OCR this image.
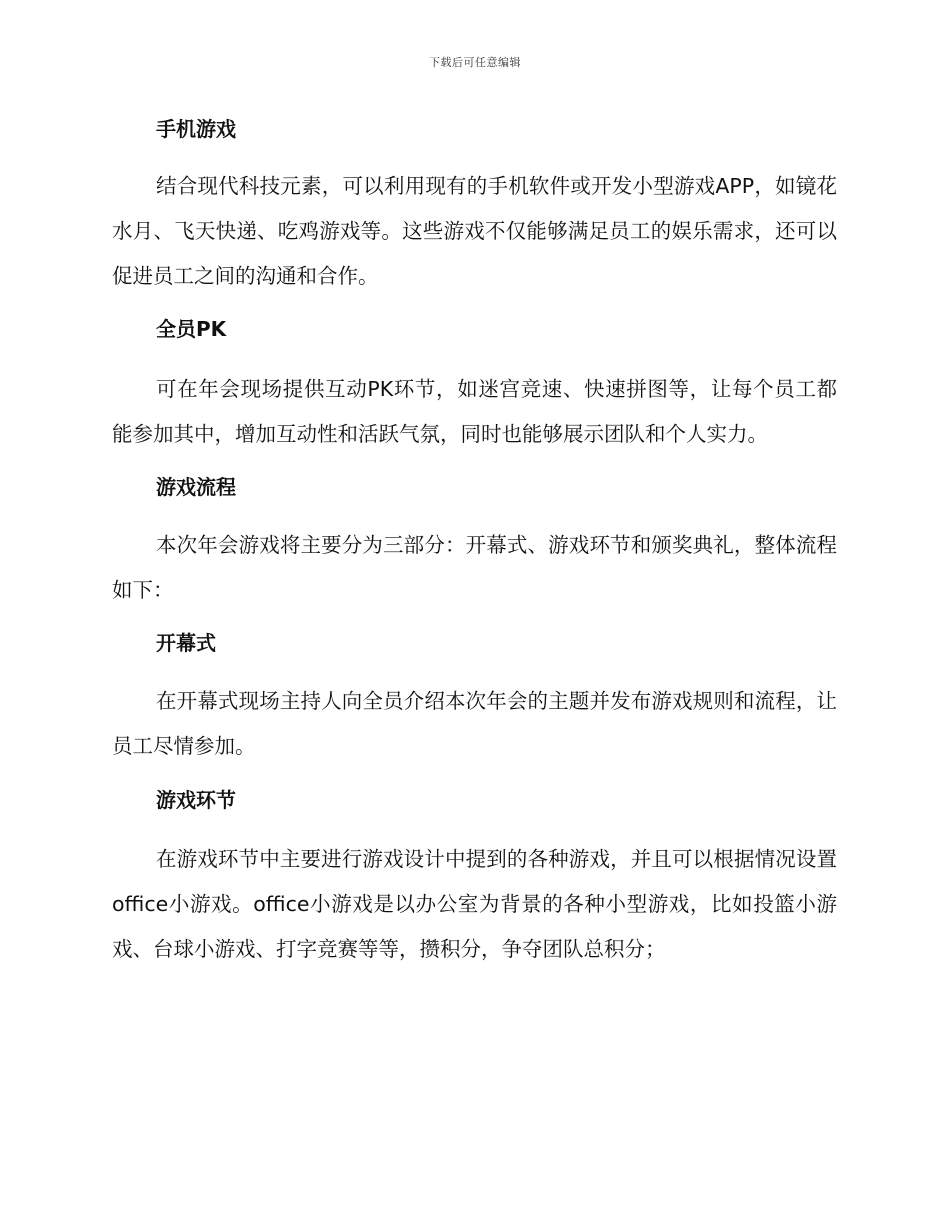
下载后可任意编辑

手机游戏

结合现代科技元素，可以利用现有的手机软件或开发小型游戏APP，如镜花水月、飞天快递、吃鸡游戏等。这些游戏不仅能够满足员工的娱乐需求，还可以促进员工之间的沟通和合作。

全员PK

可在年会现场提供互动PK环节，如迷宫竞速、快速拼图等，让每个员工都能参加其中，增加互动性和活跃气氛，同时也能够展示团队和个人实力。

游戏流程

本次年会游戏将主要分为三部分：开幕式、游戏环节和颁奖典礼，整体流程如下：

开幕式

在开幕式现场主持人向全员介绍本次年会的主题并发布游戏规则和流程，让员工尽情参加。

游戏环节

在游戏环节中主要进行游戏设计中提到的各种游戏，并且可以根据情况设置office小游戏。office小游戏是以办公室为背景的各种小型游戏，比如投篮小游戏、台球小游戏、打字竞赛等等，攒积分，争夺团队总积分；
